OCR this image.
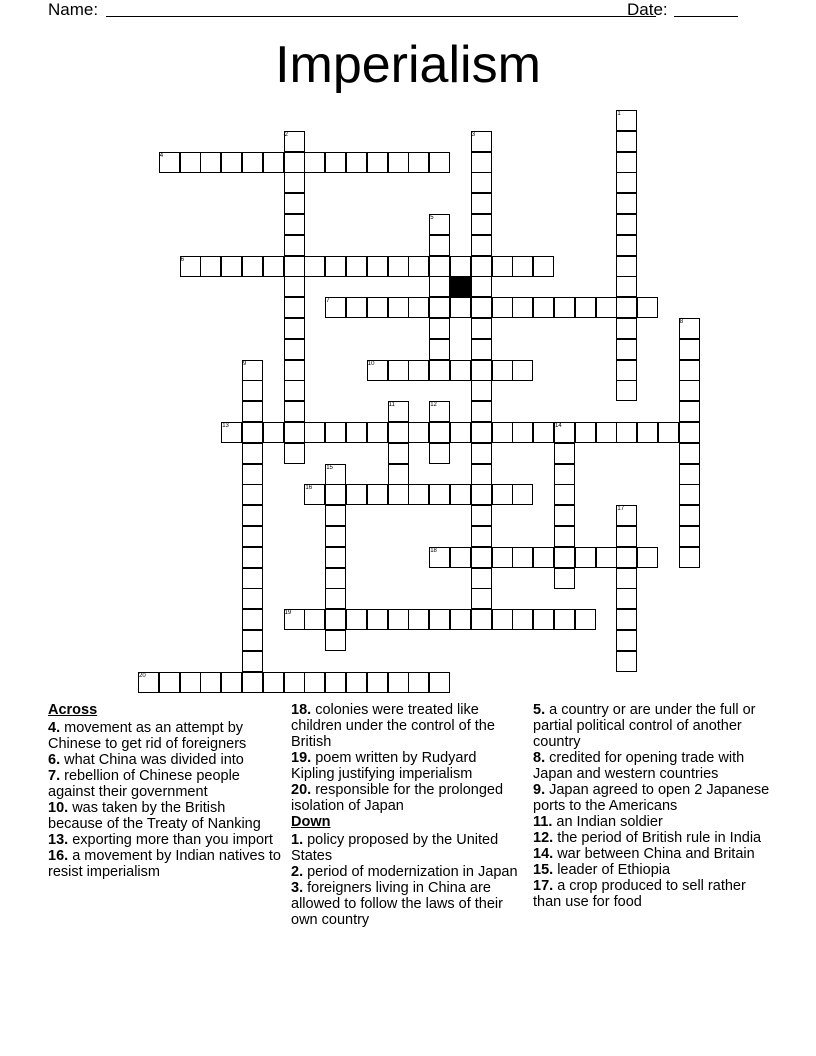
Name:	Date:
Imperialism
1
2	3
4
5
6
7
8
9	10
11	12
13	14
15
16
17
18
19
20
Across
4. movement as an attempt by Chinese to get rid of foreigners
6. what China was divided into
7. rebellion of Chinese people against their government
10. was taken by the British because of the Treaty of Nanking
13. exporting more than you import
16. a movement by Indian natives to resist imperialism
18. colonies were treated like children under the control of the British
19. poem written by Rudyard Kipling justifying imperialism
20. responsible for the prolonged isolation of Japan
Down
1. policy proposed by the United States
2. period of modernization in Japan
3. foreigners living in China are allowed to follow the laws of their own country
5. a country or are under the full or partial political control of another country
8. credited for opening trade with Japan and western countries
9. Japan agreed to open 2 Japanese ports to the Americans
11. an Indian soldier
12. the period of British rule in India
14. war between China and Britain
15. leader of Ethiopia
17. a crop produced to sell rather than use for food
